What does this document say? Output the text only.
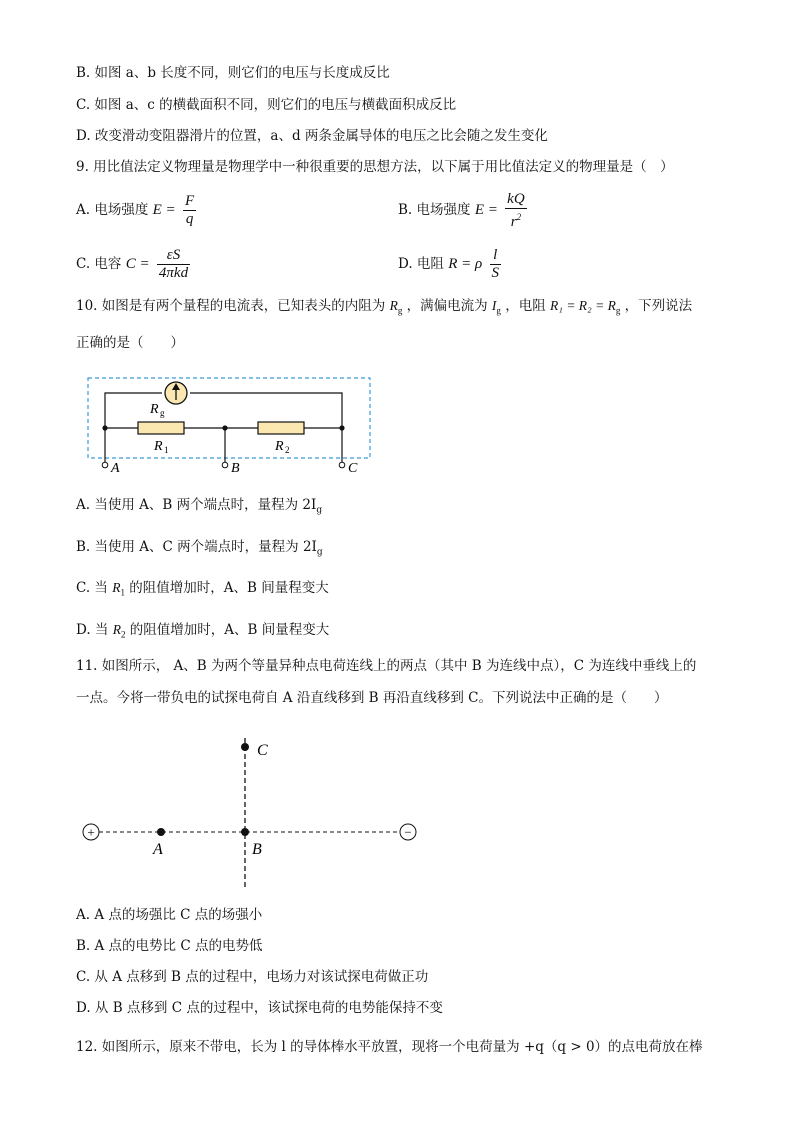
B. 如图 a、b 长度不同，则它们的电压与长度成反比
C. 如图 a、c 的横截面积不同，则它们的电压与横截面积成反比
D. 改变滑动变阻器滑片的位置，a、d 两条金属导体的电压之比会随之发生变化
9. 用比值法定义物理量是物理学中一种很重要的思想方法，以下属于用比值法定义的物理量是（　）
A. 电场强度 $E = \frac{F}{q}$	B. 电场强度 $E = \frac{kQ}{r^2}$
C. 电容 $C = \frac{\varepsilon S}{\text{4πkd}}$	D. 电阻 R = ρ $\frac{l}{S}$
10. 如图是有两个量程的电流表，已知表头的内阻为 $R_g$ ，满偏电流为 $I_g$ ，电阻 $R_1 = R_2 = R_g$ ，下列说法
正确的是（　　）
R g
R 1	R 2
A	B	C
A. 当使用 A、B 两个端点时，量程为 $2I_g$
B. 当使用 A、C 两个端点时，量程为 $2I_g$
C. 当 $R_1$ 的阻值增加时，A、B 间量程变大
D. 当 $R_2$ 的阻值增加时，A、B 间量程变大
11. 如图所示， A、B 为两个等量异种点电荷连线上的两点（其中 B 为连线中点），C 为连线中垂线上的
一点。今将一带负电的试探电荷自 A 沿直线移到 B 再沿直线移到 C。下列说法中正确的是（　　）
+	−
A	B
C
A. A 点的场强比 C 点的场强小
B. A 点的电势比 C 点的电势低
C. 从 A 点移到 B 点的过程中，电场力对该试探电荷做正功
D. 从 B 点移到 C 点的过程中，该试探电荷的电势能保持不变
12. 如图所示，原来不带电，长为 l 的导体棒水平放置，现将一个电荷量为 +q（q > 0）的点电荷放在棒
